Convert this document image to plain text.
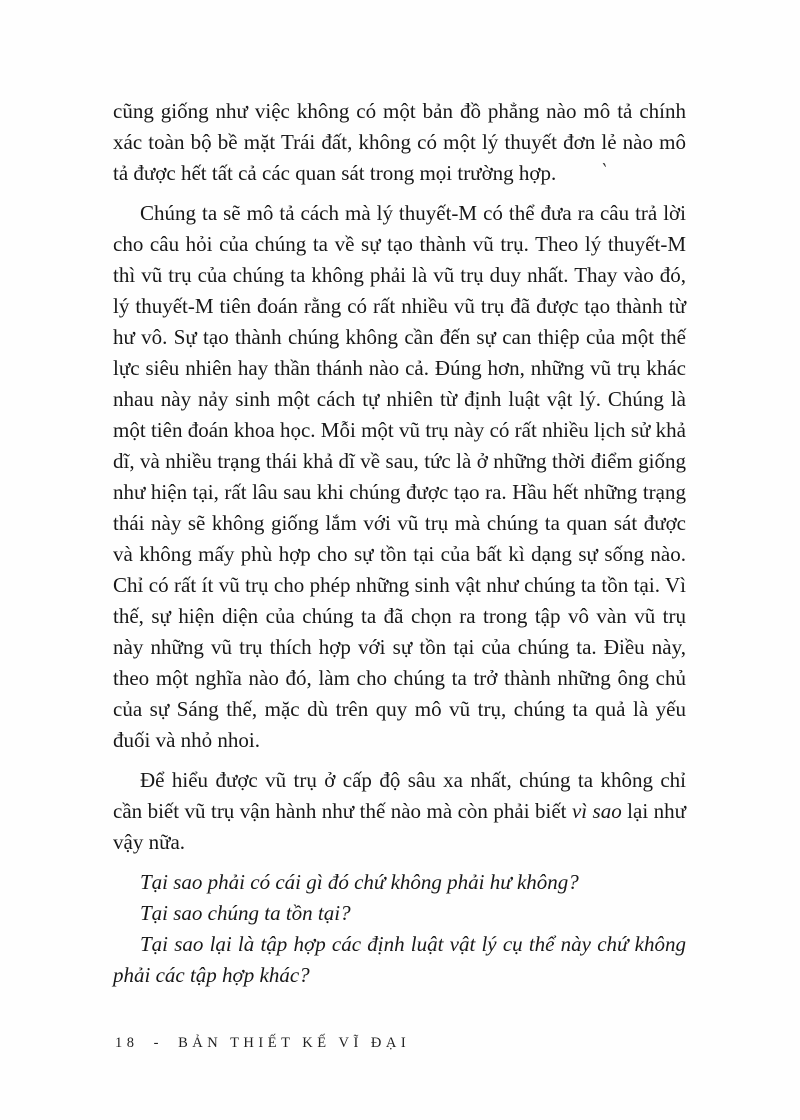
cũng giống như việc không có một bản đồ phẳng nào mô tả chính xác toàn bộ bề mặt Trái đất, không có một lý thuyết đơn lẻ nào mô tả được hết tất cả các quan sát trong mọi trường hợp.

Chúng ta sẽ mô tả cách mà lý thuyết-M có thể đưa ra câu trả lời cho câu hỏi của chúng ta về sự tạo thành vũ trụ. Theo lý thuyết-M thì vũ trụ của chúng ta không phải là vũ trụ duy nhất. Thay vào đó, lý thuyết-M tiên đoán rằng có rất nhiều vũ trụ đã được tạo thành từ hư vô. Sự tạo thành chúng không cần đến sự can thiệp của một thế lực siêu nhiên hay thần thánh nào cả. Đúng hơn, những vũ trụ khác nhau này nảy sinh một cách tự nhiên từ định luật vật lý. Chúng là một tiên đoán khoa học. Mỗi một vũ trụ này có rất nhiều lịch sử khả dĩ, và nhiều trạng thái khả dĩ về sau, tức là ở những thời điểm giống như hiện tại, rất lâu sau khi chúng được tạo ra. Hầu hết những trạng thái này sẽ không giống lắm với vũ trụ mà chúng ta quan sát được và không mấy phù hợp cho sự tồn tại của bất kì dạng sự sống nào. Chỉ có rất ít vũ trụ cho phép những sinh vật như chúng ta tồn tại. Vì thế, sự hiện diện của chúng ta đã chọn ra trong tập vô vàn vũ trụ này những vũ trụ thích hợp với sự tồn tại của chúng ta. Điều này, theo một nghĩa nào đó, làm cho chúng ta trở thành những ông chủ của sự Sáng thế, mặc dù trên quy mô vũ trụ, chúng ta quả là yếu đuối và nhỏ nhoi.

Để hiểu được vũ trụ ở cấp độ sâu xa nhất, chúng ta không chỉ cần biết vũ trụ vận hành như thế nào mà còn phải biết vì sao lại như vậy nữa.

Tại sao phải có cái gì đó chứ không phải hư không?

Tại sao chúng ta tồn tại?

Tại sao lại là tập hợp các định luật vật lý cụ thể này chứ không phải các tập hợp khác?

`
18 - BẢN THIẾT KẾ VĨ ĐẠI
